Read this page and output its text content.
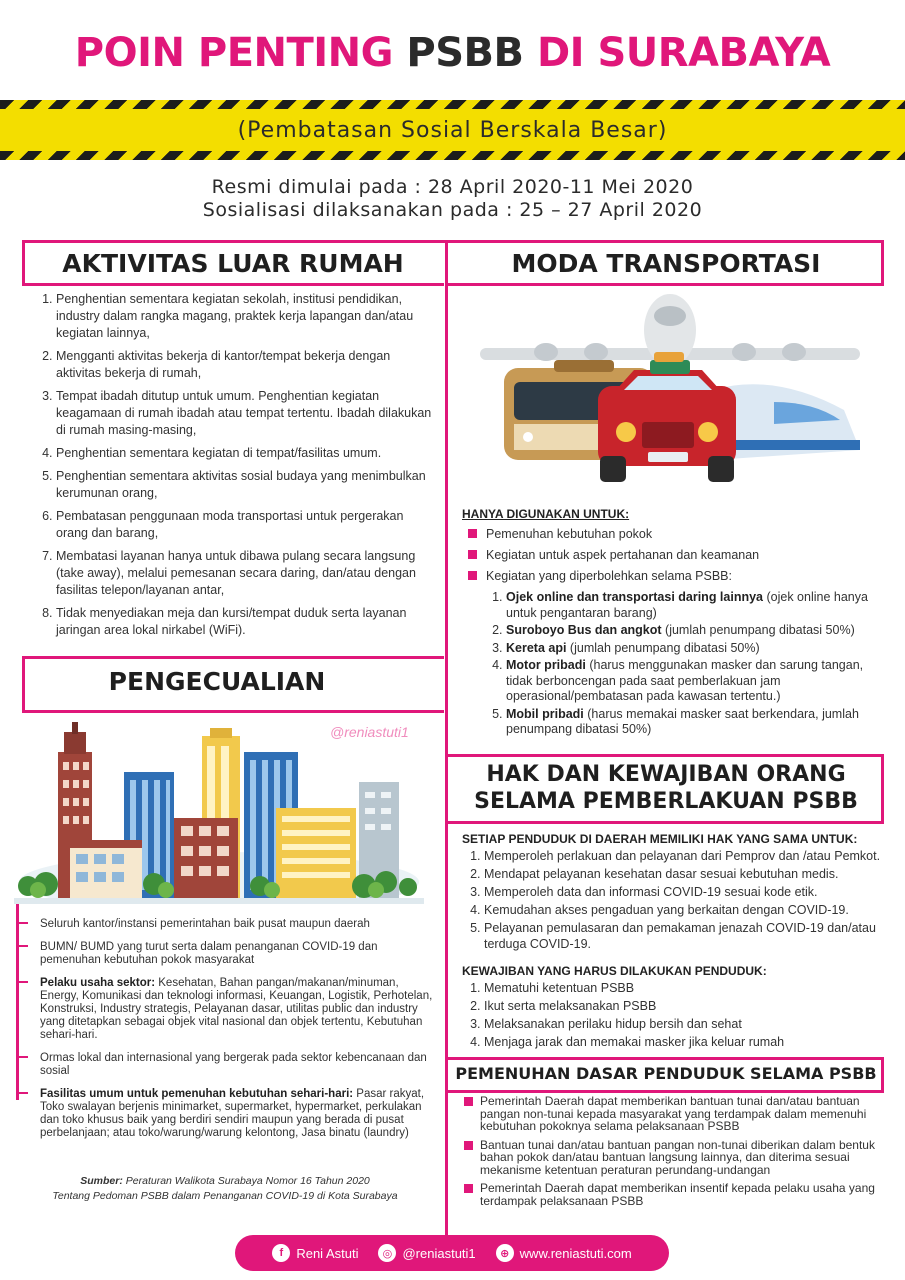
POIN PENTING PSBB DI SURABAYA
(Pembatasan Sosial Berskala Besar)
Resmi dimulai pada : 28 April 2020-11 Mei 2020
Sosialisasi dilaksanakan pada : 25 – 27 April 2020
AKTIVITAS LUAR RUMAH
1. Penghentian sementara kegiatan sekolah, institusi pendidikan, industry dalam rangka magang, praktek kerja lapangan dan/atau kegiatan lainnya,
2. Mengganti aktivitas bekerja di kantor/tempat bekerja dengan aktivitas bekerja di rumah,
3. Tempat ibadah ditutup untuk umum. Penghentian kegiatan keagamaan di rumah ibadah atau tempat tertentu. Ibadah dilakukan di rumah masing-masing,
4. Penghentian sementara kegiatan di tempat/fasilitas umum.
5. Penghentian sementara aktivitas sosial budaya yang menimbulkan kerumunan orang,
6. Pembatasan penggunaan moda transportasi untuk pergerakan orang dan barang,
7. Membatasi layanan hanya untuk dibawa pulang secara langsung (take away), melalui pemesanan secara daring, dan/atau dengan fasilitas telepon/layanan antar,
8. Tidak menyediakan meja dan kursi/tempat duduk serta layanan jaringan area lokal nirkabel (WiFi).
PENGECUALIAN
@reniastuti1
Seluruh kantor/instansi pemerintahan baik pusat maupun daerah
BUMN/ BUMD yang turut serta dalam penanganan COVID-19 dan pemenuhan kebutuhan pokok masyarakat
Pelaku usaha sektor: Kesehatan, Bahan pangan/makanan/minuman, Energy, Komunikasi dan teknologi informasi, Keuangan, Logistik, Perhotelan, Konstruksi, Industry strategis, Pelayanan dasar, utilitas public dan industry yang ditetapkan sebagai objek vital nasional dan objek tertentu, Kebutuhan sehari-hari.
Ormas lokal dan internasional yang bergerak pada sektor kebencanaan dan sosial
Fasilitas umum untuk pemenuhan kebutuhan sehari-hari: Pasar rakyat, Toko swalayan berjenis minimarket, supermarket, hypermarket, perkulakan dan toko khusus baik yang berdiri sendiri maupun yang berada di pusat perbelanjaan; atau toko/warung/warung kelontong, Jasa binatu (laundry)
Sumber: Peraturan Walikota Surabaya Nomor 16 Tahun 2020
Tentang Pedoman PSBB dalam Penanganan COVID-19 di Kota Surabaya
MODA TRANSPORTASI
HANYA DIGUNAKAN UNTUK:
Pemenuhan kebutuhan pokok
Kegiatan untuk aspek pertahanan dan keamanan
Kegiatan yang diperbolehkan selama PSBB:
1. Ojek online dan transportasi daring lainnya (ojek online hanya untuk pengantaran barang)
2. Suroboyo Bus dan angkot (jumlah penumpang dibatasi 50%)
3. Kereta api (jumlah penumpang dibatasi 50%)
4. Motor pribadi (harus menggunakan masker dan sarung tangan, tidak berboncengan pada saat pemberlakuan jam operasional/pembatasan pada kawasan tertentu.)
5. Mobil pribadi (harus memakai masker saat berkendara, jumlah penumpang dibatasi 50%)
HAK DAN KEWAJIBAN ORANG
SELAMA PEMBERLAKUAN PSBB
SETIAP PENDUDUK DI DAERAH MEMILIKI HAK YANG SAMA UNTUK:
1. Memperoleh perlakuan dan pelayanan dari Pemprov dan /atau Pemkot.
2. Mendapat pelayanan kesehatan dasar sesuai kebutuhan medis.
3. Memperoleh data dan informasi COVID-19 sesuai kode etik.
4. Kemudahan akses pengaduan yang berkaitan dengan COVID-19.
5. Pelayanan pemulasaran dan pemakaman jenazah COVID-19 dan/atau terduga COVID-19.
KEWAJIBAN YANG HARUS DILAKUKAN PENDUDUK:
1. Mematuhi ketentuan PSBB
2. Ikut serta melaksanakan PSBB
3. Melaksanakan perilaku hidup bersih dan sehat
4. Menjaga jarak dan memakai masker jika keluar rumah
PEMENUHAN DASAR PENDUDUK SELAMA PSBB
Pemerintah Daerah dapat memberikan bantuan tunai dan/atau bantuan pangan non-tunai kepada masyarakat yang terdampak dalam memenuhi kebutuhan pokoknya selama pelaksanaan PSBB
Bantuan tunai dan/atau bantuan pangan non-tunai diberikan dalam bentuk bahan pokok dan/atau bantuan langsung lainnya, dan diterima sesuai mekanisme ketentuan peraturan perundang-undangan
Pemerintah Daerah dapat memberikan insentif kepada pelaku usaha yang terdampak pelaksanaan PSBB
f	Reni Astuti	◎ @reniastuti1	⊕ www.reniastuti.com
